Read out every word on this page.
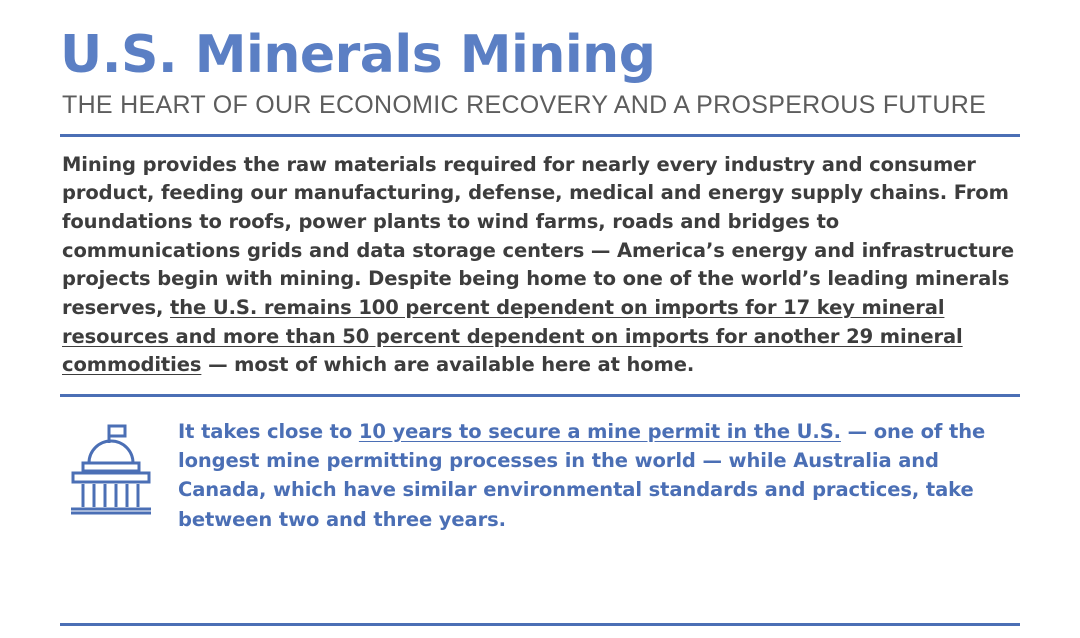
U.S. Minerals Mining
THE HEART OF OUR ECONOMIC RECOVERY AND A PROSPEROUS FUTURE

Mining provides the raw materials required for nearly every industry and consumer product, feeding our manufacturing, defense, medical and energy supply chains. From foundations to roofs, power plants to wind farms, roads and bridges to communications grids and data storage centers — America’s energy and infrastructure projects begin with mining. Despite being home to one of the world’s leading minerals reserves, the U.S. remains 100 percent dependent on imports for 17 key mineral resources and more than 50 percent dependent on imports for another 29 mineral commodities — most of which are available here at home.

It takes close to 10 years to secure a mine permit in the U.S. — one of the longest mine permitting processes in the world — while Australia and Canada, which have similar environmental standards and practices, take between two and three years.
